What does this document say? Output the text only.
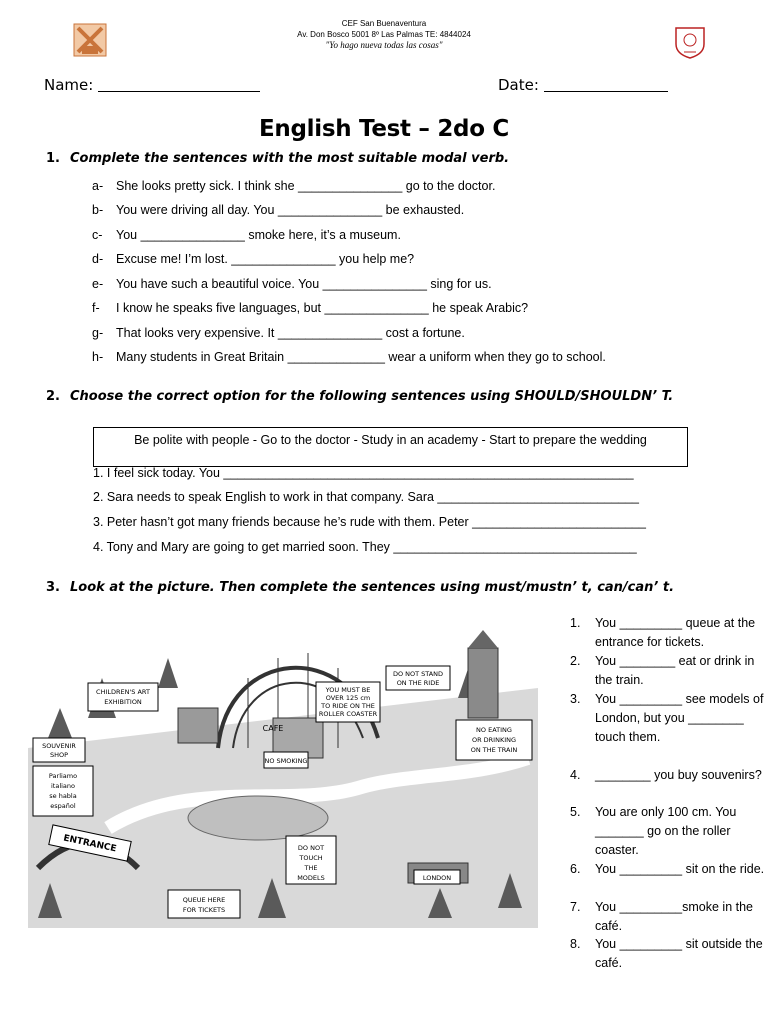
CEF San Buenaventura
Av. Don Bosco 5001 8º Las Palmas TE: 4844024
"Yo hago nueva todas las cosas"
Name:	Date:
English Test – 2do C
1. Complete the sentences with the most suitable modal verb.
a- She looks pretty sick. I think she _______________ go to the doctor.
b- You were driving all day. You _______________ be exhausted.
c- You _______________ smoke here, it’s a museum.
d- Excuse me! I’m lost. _______________ you help me?
e- You have such a beautiful voice. You _______________ sing for us.
f- I know he speaks five languages, but _______________ he speak Arabic?
g- That looks very expensive. It _______________ cost a fortune.
h- Many students in Great Britain ______________ wear a uniform when they go to school.
2. Choose the correct option for the following sentences using SHOULD/SHOULDN’ T.
Be polite with people - Go to the doctor - Study in an academy - Start to prepare the wedding
1. I feel sick today. You ___________________________________________________________
2. Sara needs to speak English to work in that company. Sara _____________________________
3. Peter hasn’t got many friends because he’s rude with them. Peter _________________________
4. Tony and Mary are going to get married soon. They ___________________________________
3. Look at the picture. Then complete the sentences using must/mustn’ t, can/can’ t.
CHILDREN'S ART
EXHIBITION
SOUVENIR
SHOP
Parliamo
italiano
se habla
español
ENTRANCE
QUEUE HERE
FOR TICKETS
NO SMOKING
YOU MUST BE
OVER 125 cm
TO RIDE ON THE
ROLLER COASTER
DO NOT STAND
ON THE RIDE
NO EATING
OR DRINKING
ON THE TRAIN
DO NOT
TOUCH
THE
MODELS	LONDON
CAFE
1. You _________ queue at the entrance for tickets.
2. You ________ eat or drink in the train.
3. You _________ see models of London, but you ________ touch them.
4. ________ you buy souvenirs?
5. You are only 100 cm. You _______ go on the roller coaster.
6. You _________ sit on the ride.
7. You _________smoke in the café.
8. You _________ sit outside the café.
